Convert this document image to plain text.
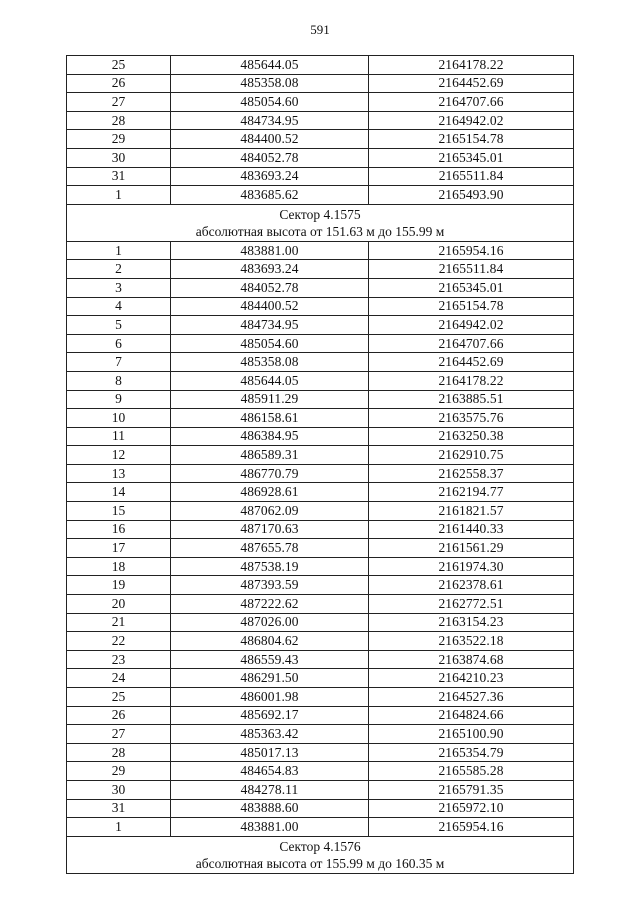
591
25	485644.05	2164178.22
26	485358.08	2164452.69
27	485054.60	2164707.66
28	484734.95	2164942.02
29	484400.52	2165154.78
30	484052.78	2165345.01
31	483693.24	2165511.84
1	483685.62	2165493.90

Сектор 4.1575
абсолютная высота от 151.63 м до 155.99 м		

1	483881.00	2165954.16
2	483693.24	2165511.84
3	484052.78	2165345.01
4	484400.52	2165154.78
5	484734.95	2164942.02
6	485054.60	2164707.66
7	485358.08	2164452.69
8	485644.05	2164178.22
9	485911.29	2163885.51
10	486158.61	2163575.76
11	486384.95	2163250.38
12	486589.31	2162910.75
13	486770.79	2162558.37
14	486928.61	2162194.77
15	487062.09	2161821.57
16	487170.63	2161440.33
17	487655.78	2161561.29
18	487538.19	2161974.30
19	487393.59	2162378.61
20	487222.62	2162772.51
21	487026.00	2163154.23
22	486804.62	2163522.18
23	486559.43	2163874.68
24	486291.50	2164210.23
25	486001.98	2164527.36
26	485692.17	2164824.66
27	485363.42	2165100.90
28	485017.13	2165354.79
29	484654.83	2165585.28
30	484278.11	2165791.35
31	483888.60	2165972.10
1	483881.00	2165954.16

Сектор 4.1576
абсолютная высота от 155.99 м до 160.35 м		
